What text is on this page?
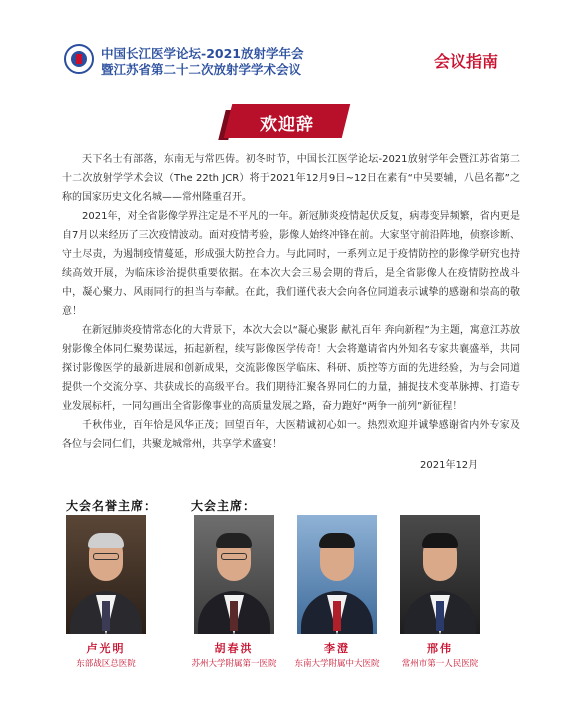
中国长江医学论坛-2021放射学年会
暨江苏省第二十二次放射学学术会议	会议指南
欢迎辞

天下名士有部落，东南无与常匹俦。初冬时节，中国长江医学论坛-2021放射学年会暨江苏省第二十二次放射学学术会议（The 22th JCR）将于2021年12月9日~12日在素有“中吴要辅，八邑名都”之称的国家历史文化名城——常州隆重召开。

2021年，对全省影像学界注定是不平凡的一年。新冠肺炎疫情起伏反复，病毒变异频繁，省内更是自7月以来经历了三次疫情波动。面对疫情考验，影像人始终冲锋在前。大家坚守前沿阵地，侦察诊断、守土尽责，为遏制疫情蔓延，形成强大防控合力。与此同时，一系列立足于疫情防控的影像学研究也持续高效开展，为临床诊治提供重要依据。在本次大会三易会期的背后，是全省影像人在疫情防控战斗中，凝心聚力、风雨同行的担当与奉献。在此，我们谨代表大会向各位同道表示诚挚的感谢和崇高的敬意！

在新冠肺炎疫情常态化的大背景下，本次大会以“凝心聚影 献礼百年 奔向新程”为主题，寓意江苏放射影像全体同仁聚势谋远，拓起新程，续写影像医学传奇！大会将邀请省内外知名专家共襄盛举，共同探讨影像医学的最新进展和创新成果，交流影像医学临床、科研、质控等方面的先进经验，为与会同道提供一个交流分享、共获成长的高级平台。我们期待汇聚各界同仁的力量，捕捉技术变革脉搏、打造专业发展标杆，一同勾画出全省影像事业的高质量发展之路，奋力跑好“两争一前列”新征程！

千秋伟业，百年恰是风华正茂；回望百年，大医精诚初心如一。热烈欢迎并诚挚感谢省内外专家及各位与会同仁们，共聚龙城常州，共享学术盛宴！

2021年12月
大会名誉主席：	大会主席：
卢光明
东部战区总医院
胡春洪
苏州大学附属第一医院
李澄
东南大学附属中大医院
邢伟
常州市第一人民医院
